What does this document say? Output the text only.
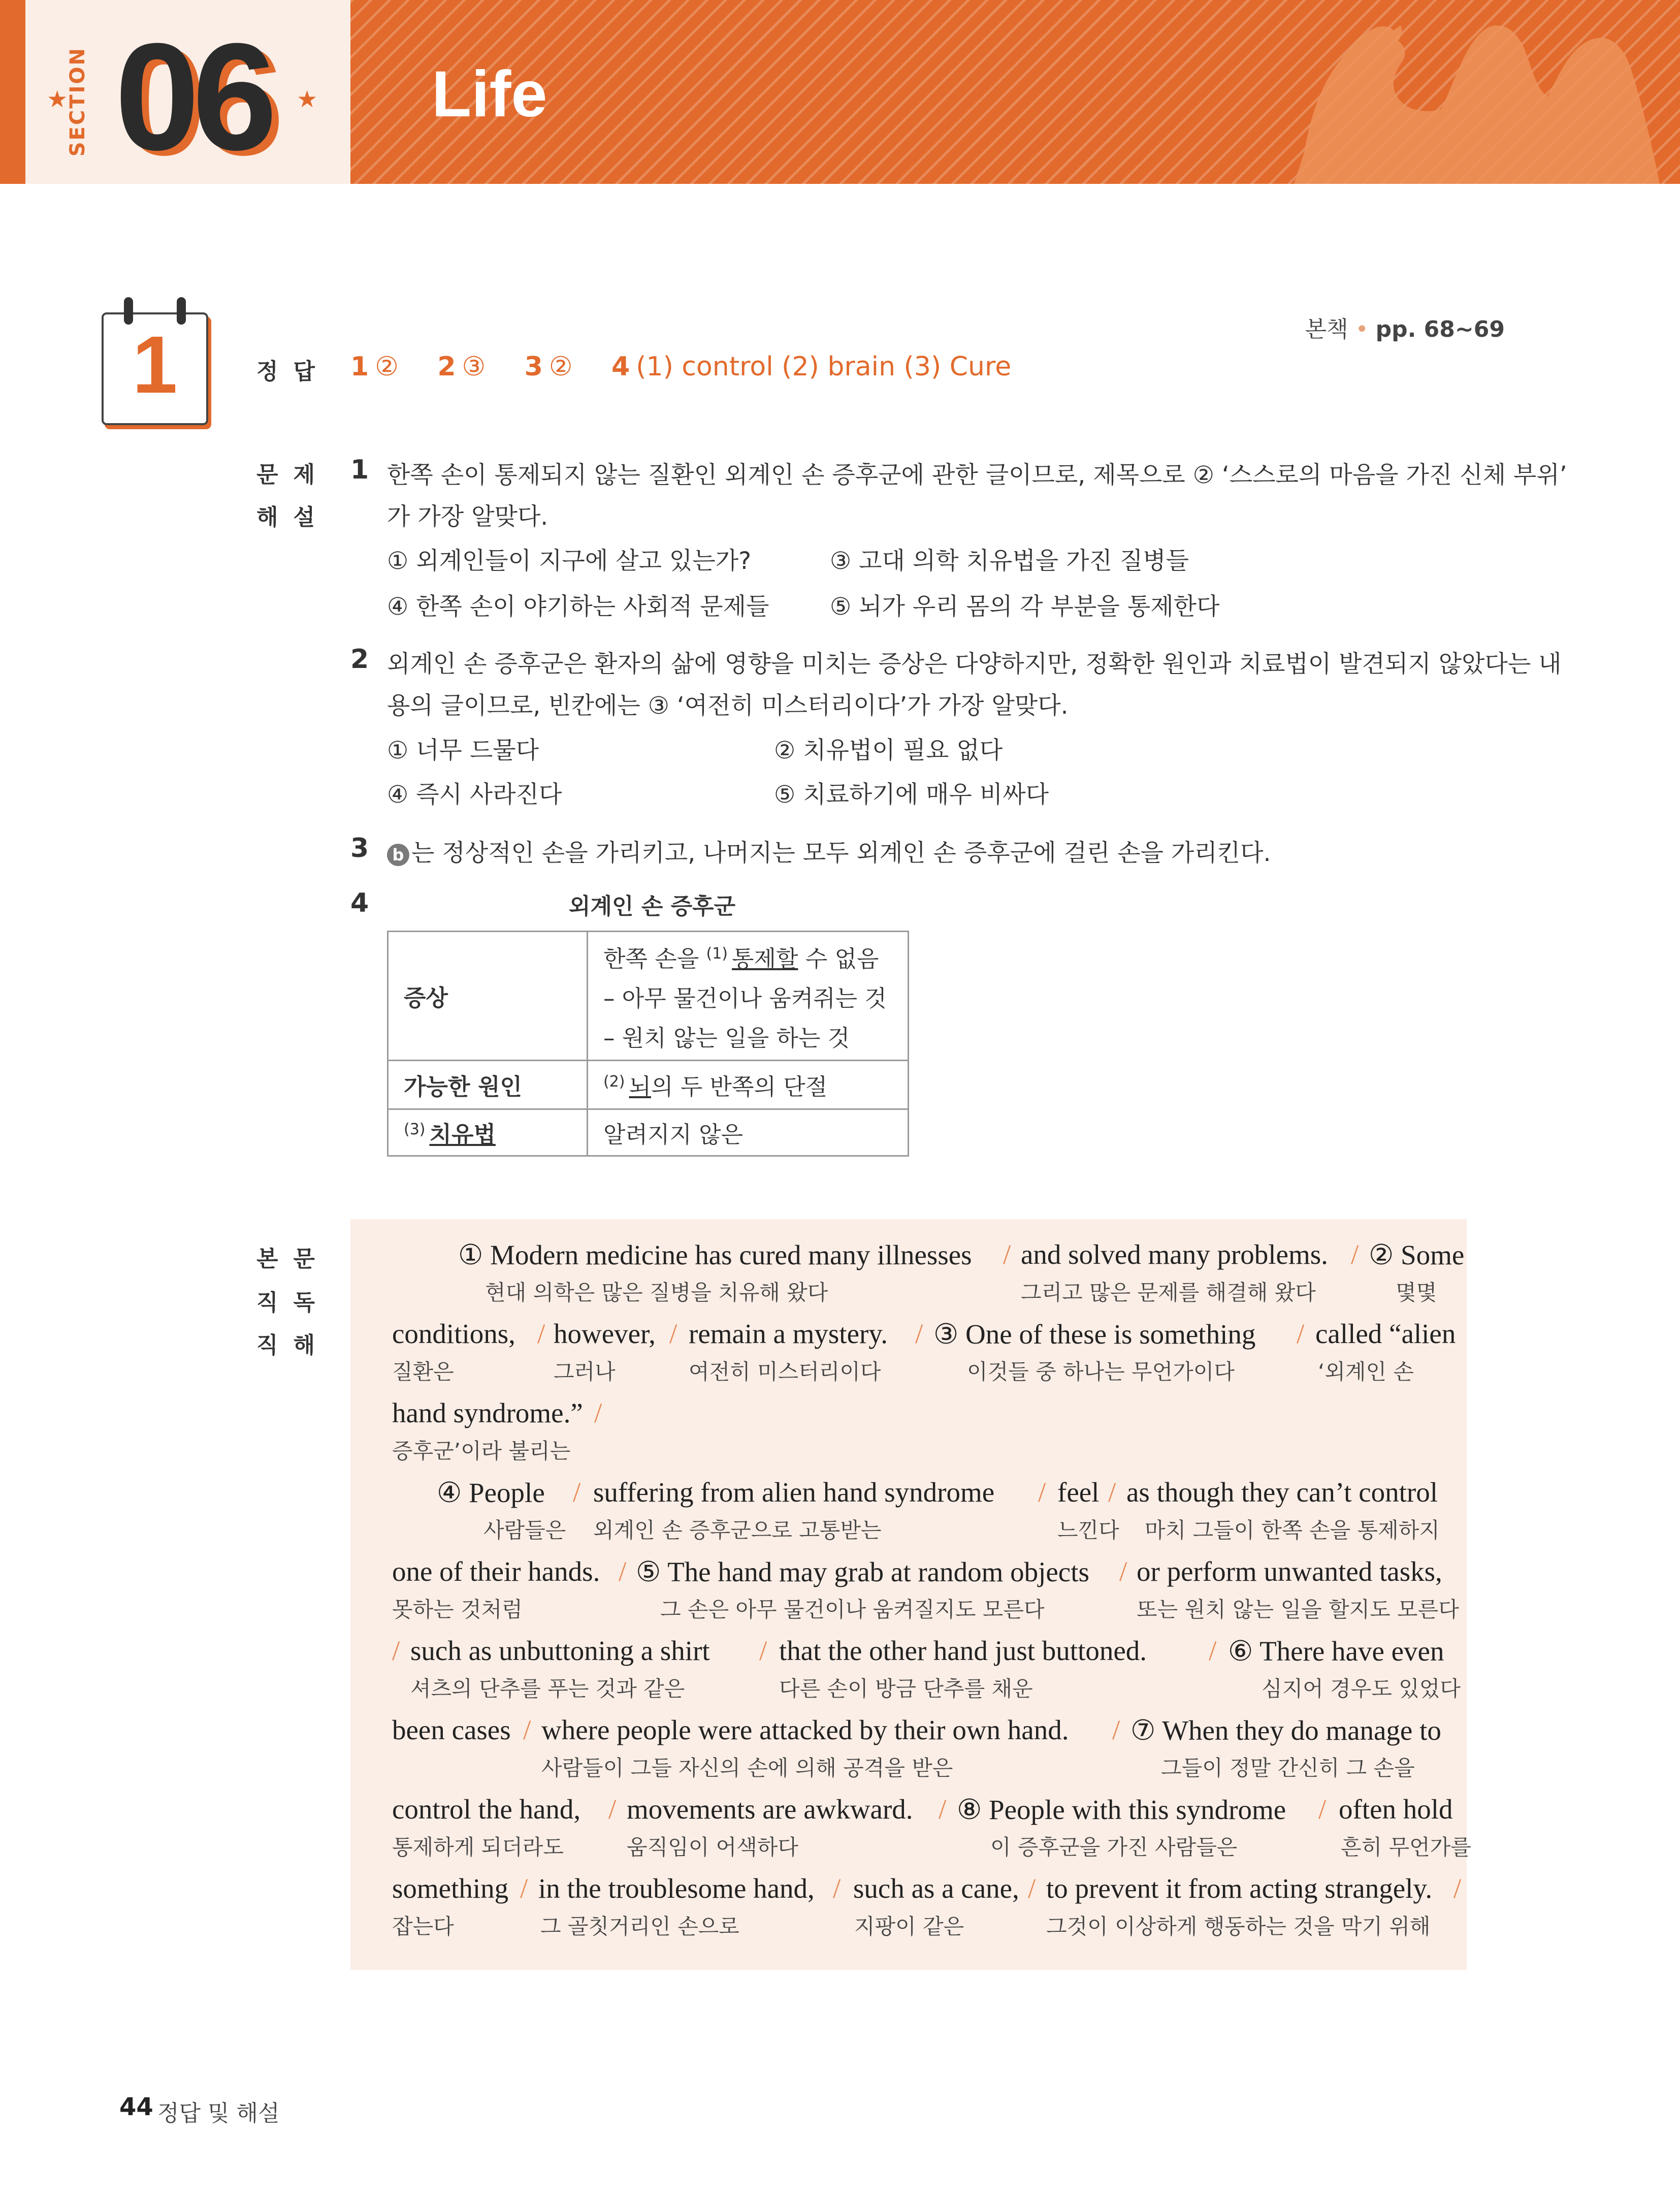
SECTION
★ 06 ★ Life
1	본책 • pp. 68~69
정답 1 ② 2 ③ 3 ② 4 (1) control (2) brain (3) Cure
문제
해설
1 한쪽 손이 통제되지 않는 질환인 외계인 손 증후군에 관한 글이므로, 제목으로 ② ‘스스로의 마음을 가진 신체 부위’
가 가장 알맞다.
① 외계인들이 지구에 살고 있는가?	③ 고대 의학 치유법을 가진 질병들
④ 한쪽 손이 야기하는 사회적 문제들	⑤ 뇌가 우리 몸의 각 부분을 통제한다
2 외계인 손 증후군은 환자의 삶에 영향을 미치는 증상은 다양하지만, 정확한 원인과 치료법이 발견되지 않았다는 내
용의 글이므로, 빈칸에는 ③ ‘여전히 미스터리이다’가 가장 알맞다.
① 너무 드물다	② 치유법이 필요 없다
④ 즉시 사라진다	⑤ 치료하기에 매우 비싸다
3	b 는 정상적인 손을 가리키고, 나머지는 모두 외계인 손 증후군에 걸린 손을 가리킨다.
4	외계인 손 증후군
증상	한쪽 손을 $^{(1)}$ 통제할 수 없음
– 아무 물건이나 움켜쥐는 것
– 원치 않는 일을 하는 것

가능한 원인	$^{(2)}$ 뇌의 두 반쪽의 단절
$^{(3)}$ 치유법	알려지지 않은
본문
직독
직해
① Modern medicine has cured many illnesses / and solved many problems. / ② Some
현대 의학은 많은 질병을 치유해 왔다	그리고 많은 문제를 해결해 왔다	몇몇
conditions, / however, / remain a mystery. / ③ One of these is something / called “alien
질환은	그러나	여전히 미스터리이다	이것들 중 하나는 무언가이다	‘외계인 손
hand syndrome.” /
증후군’이라 불리는
④ People / suffering from alien hand syndrome / feel / as though they can’t control
사람들은 외계인 손 증후군으로 고통받는	느낀다 마치 그들이 한쪽 손을 통제하지
one of their hands. / ⑤ The hand may grab at random objects / or perform unwanted tasks,
못하는 것처럼	그 손은 아무 물건이나 움켜질지도 모른다	또는 원치 않는 일을 할지도 모른다
/ such as unbuttoning a shirt / that the other hand just buttoned. / ⑥ There have even
셔츠의 단추를 푸는 것과 같은	다른 손이 방금 단추를 채운	심지어 경우도 있었다
been cases / where people were attacked by their own hand. / ⑦ When they do manage to
사람들이 그들 자신의 손에 의해 공격을 받은	그들이 정말 간신히 그 손을
control the hand, / movements are awkward. / ⑧ People with this syndrome / often hold
통제하게 되더라도	움직임이 어색하다	이 증후군을 가진 사람들은	흔히 무언가를
something / in the troublesome hand, / such as a cane, / to prevent it from acting strangely. /
잡는다	그 골칫거리인 손으로	지팡이 같은	그것이 이상하게 행동하는 것을 막기 위해
44 정답 및 해설
